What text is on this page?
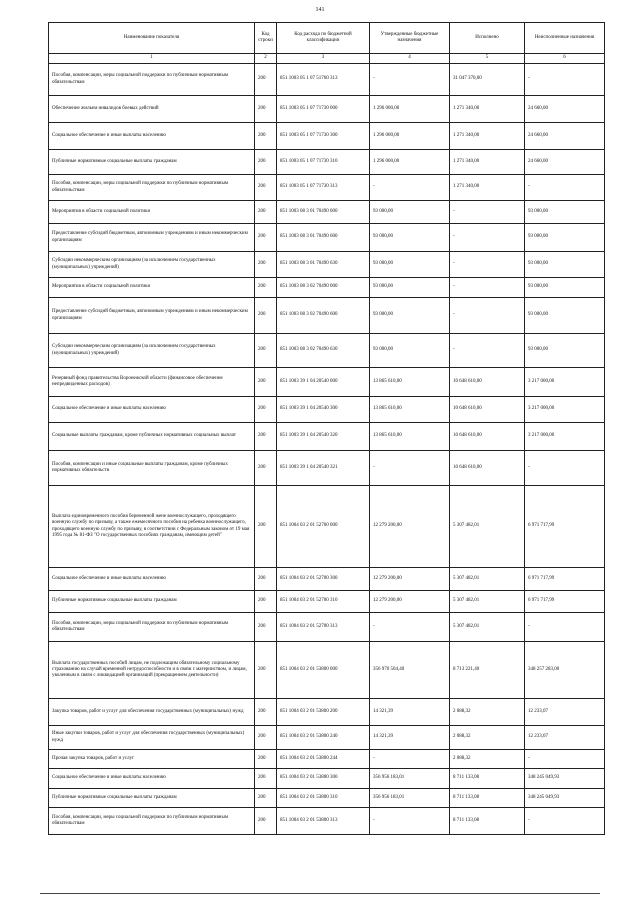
141
Наименование показателя	Код строки	Код расхода по бюджетной классификации	Утвержденные бюджетные назначения	Исполнено	Неисполненные назначения
1	2	3	4	5	6
Пособия, компенсации, меры социальной поддержки по публичным нормативным обязательствам	200	851 1003 05 1 07 51760 313	-	31 047 370,00	-
Обеспечение жильем инвалидов боевых действий	200	851 1003 05 1 07 71730 000	1 296 000,00	1 271 340,00	24 660,00
Социальное обеспечение и иные выплаты населению	200	851 1003 05 1 07 71730 300	1 296 000,00	1 271 340,00	24 660,00
Публичные нормативные социальные выплаты гражданам	200	851 1003 05 1 07 71730 310	1 296 000,00	1 271 340,00	24 660,00
Пособия, компенсации, меры социальной поддержки по публичным нормативным обязательствам	200	851 1003 05 1 07 71730 313	-	1 271 340,00	-
Мероприятия в области социальной политики	200	851 1003 08 3 01 70490 000	93 000,00	-	93 000,00
Предоставление субсидий бюджетным, автономным учреждениям и иным некоммерческим организациям	200	851 1003 08 3 01 70490 600	93 000,00	-	93 000,00
Субсидии некоммерческим организациям (за исключением государственных (муниципальных) учреждений)	200	851 1003 08 3 01 70490 630	93 000,00	-	93 000,00
Мероприятия в области социальной политики	200	851 1003 08 3 02 70490 000	93 000,00	-	93 000,00
Предоставление субсидий бюджетным, автономным учреждениям и иным некоммерческим организациям	200	851 1003 08 3 02 70490 600	93 000,00	-	93 000,00
Субсидии некоммерческим организациям (за исключением государственных (муниципальных) учреждений)	200	851 1003 08 3 02 70490 630	93 000,00	-	93 000,00
Резервный фонд правительства Воронежской области (финансовое обеспечение непредвиденных расходов)	200	851 1003 39 1 04 20540 000	13 865 610,00	10 648 610,00	3 217 000,00
Социальное обеспечение и иные выплаты населению	200	851 1003 39 1 04 20540 300	13 865 610,00	10 648 610,00	3 217 000,00
Социальные выплаты гражданам, кроме публичных нормативных социальных выплат	200	851 1003 39 1 04 20540 320	13 865 610,00	10 648 610,00	3 217 000,00
Пособия, компенсации и иные социальные выплаты гражданам, кроме публичных нормативных обязательств	200	851 1003 39 1 04 20540 321	-	10 648 610,00	-
Выплата единовременного пособия беременной жене военнослужащего, проходящего военную службу по призыву, а также ежемесячного пособия на ребенка военнослужащего, проходящего военную службу по призыву, в соответствии с Федеральным законом от 19 мая 1995 года № 81-ФЗ "О государственных пособиях гражданам, имеющим детей"	200	851 1004 03 2 01 52700 000	12 279 200,00	5 307 482,01	6 971 717,99
Социальное обеспечение и иные выплаты населению	200	851 1004 03 2 01 52700 300	12 279 200,00	5 307 482,01	6 971 717,99
Публичные нормативные социальные выплаты гражданам	200	851 1004 03 2 01 52700 310	12 279 200,00	5 307 482,01	6 971 717,99
Пособия, компенсации, меры социальной поддержки по публичным нормативным обязательствам	200	851 1004 03 2 01 52700 313	-	5 307 482,01	-
Выплата государственных пособий лицам, не подлежащим обязательному социальному страхованию на случай временной нетрудоспособности и в связи с материнством, и лицам, уволенным в связи с ликвидацией организаций (прекращением деятельности)	200	851 1004 03 2 01 53800 000	356 970 504,40	8 713 221,40	348 257 283,00
Закупка товаров, работ и услуг для обеспечения государственных (муниципальных) нужд	200	851 1004 03 2 01 53800 200	14 321,39	2 088,32	12 233,07
Иные закупки товаров, работ и услуг для обеспечения государственных (муниципальных) нужд	200	851 1004 03 2 01 53800 240	14 321,39	2 088,32	12 233,07
Прочая закупка товаров, работ и услуг	200	851 1004 03 2 01 53800 244	-	2 088,32	-
Социальное обеспечение и иные выплаты населению	200	851 1004 03 2 01 53800 300	356 956 183,01	8 711 133,08	348 245 049,93
Публичные нормативные социальные выплаты гражданам	200	851 1004 03 2 01 53800 310	356 956 183,01	8 711 133,08	348 245 049,93
Пособия, компенсации, меры социальной поддержки по публичным нормативным обязательствам	200	851 1004 03 2 01 53800 313	-	8 711 133,08	-
